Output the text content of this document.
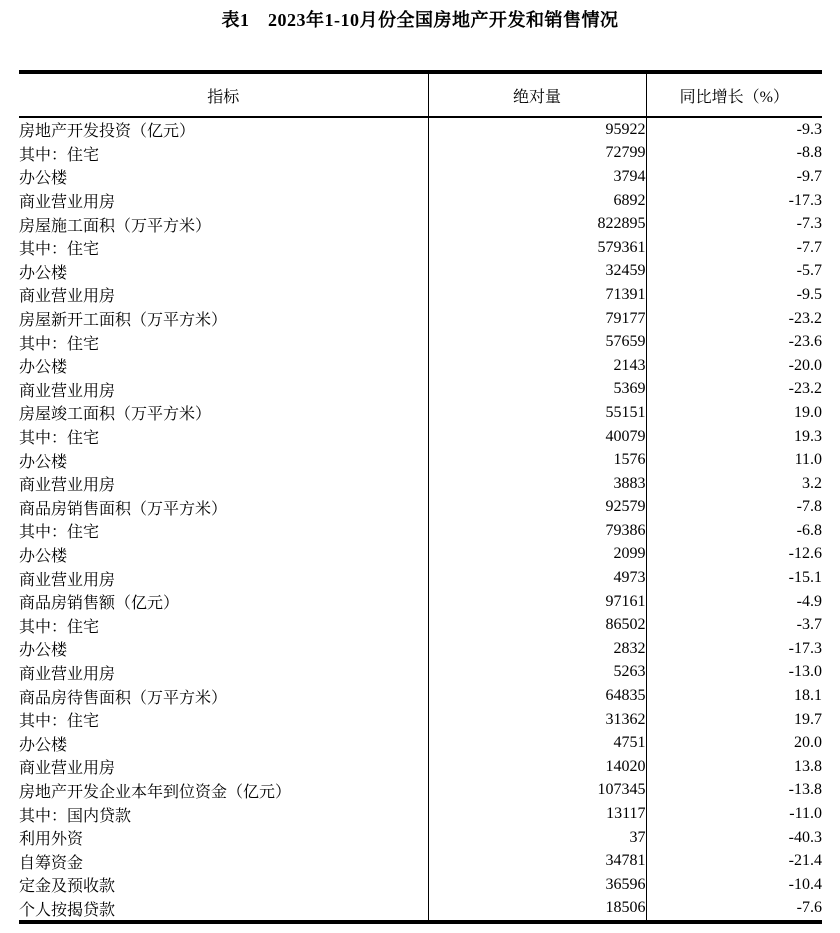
表1　2023年1-10月份全国房地产开发和销售情况
指标	绝对量	同比增长（%）
房地产开发投资（亿元）	95922	-9.3
其中：住宅	72799	-8.8
办公楼	3794	-9.7
商业营业用房	6892	-17.3
房屋施工面积（万平方米）	822895	-7.3
其中：住宅	579361	-7.7
办公楼	32459	-5.7
商业营业用房	71391	-9.5
房屋新开工面积（万平方米）	79177	-23.2
其中：住宅	57659	-23.6
办公楼	2143	-20.0
商业营业用房	5369	-23.2
房屋竣工面积（万平方米）	55151	19.0
其中：住宅	40079	19.3
办公楼	1576	11.0
商业营业用房	3883	3.2
商品房销售面积（万平方米）	92579	-7.8
其中：住宅	79386	-6.8
办公楼	2099	-12.6
商业营业用房	4973	-15.1
商品房销售额（亿元）	97161	-4.9
其中：住宅	86502	-3.7
办公楼	2832	-17.3
商业营业用房	5263	-13.0
商品房待售面积（万平方米）	64835	18.1
其中：住宅	31362	19.7
办公楼	4751	20.0
商业营业用房	14020	13.8
房地产开发企业本年到位资金（亿元）	107345	-13.8
其中：国内贷款	13117	-11.0
利用外资	37	-40.3
自筹资金	34781	-21.4
定金及预收款	36596	-10.4
个人按揭贷款	18506	-7.6
